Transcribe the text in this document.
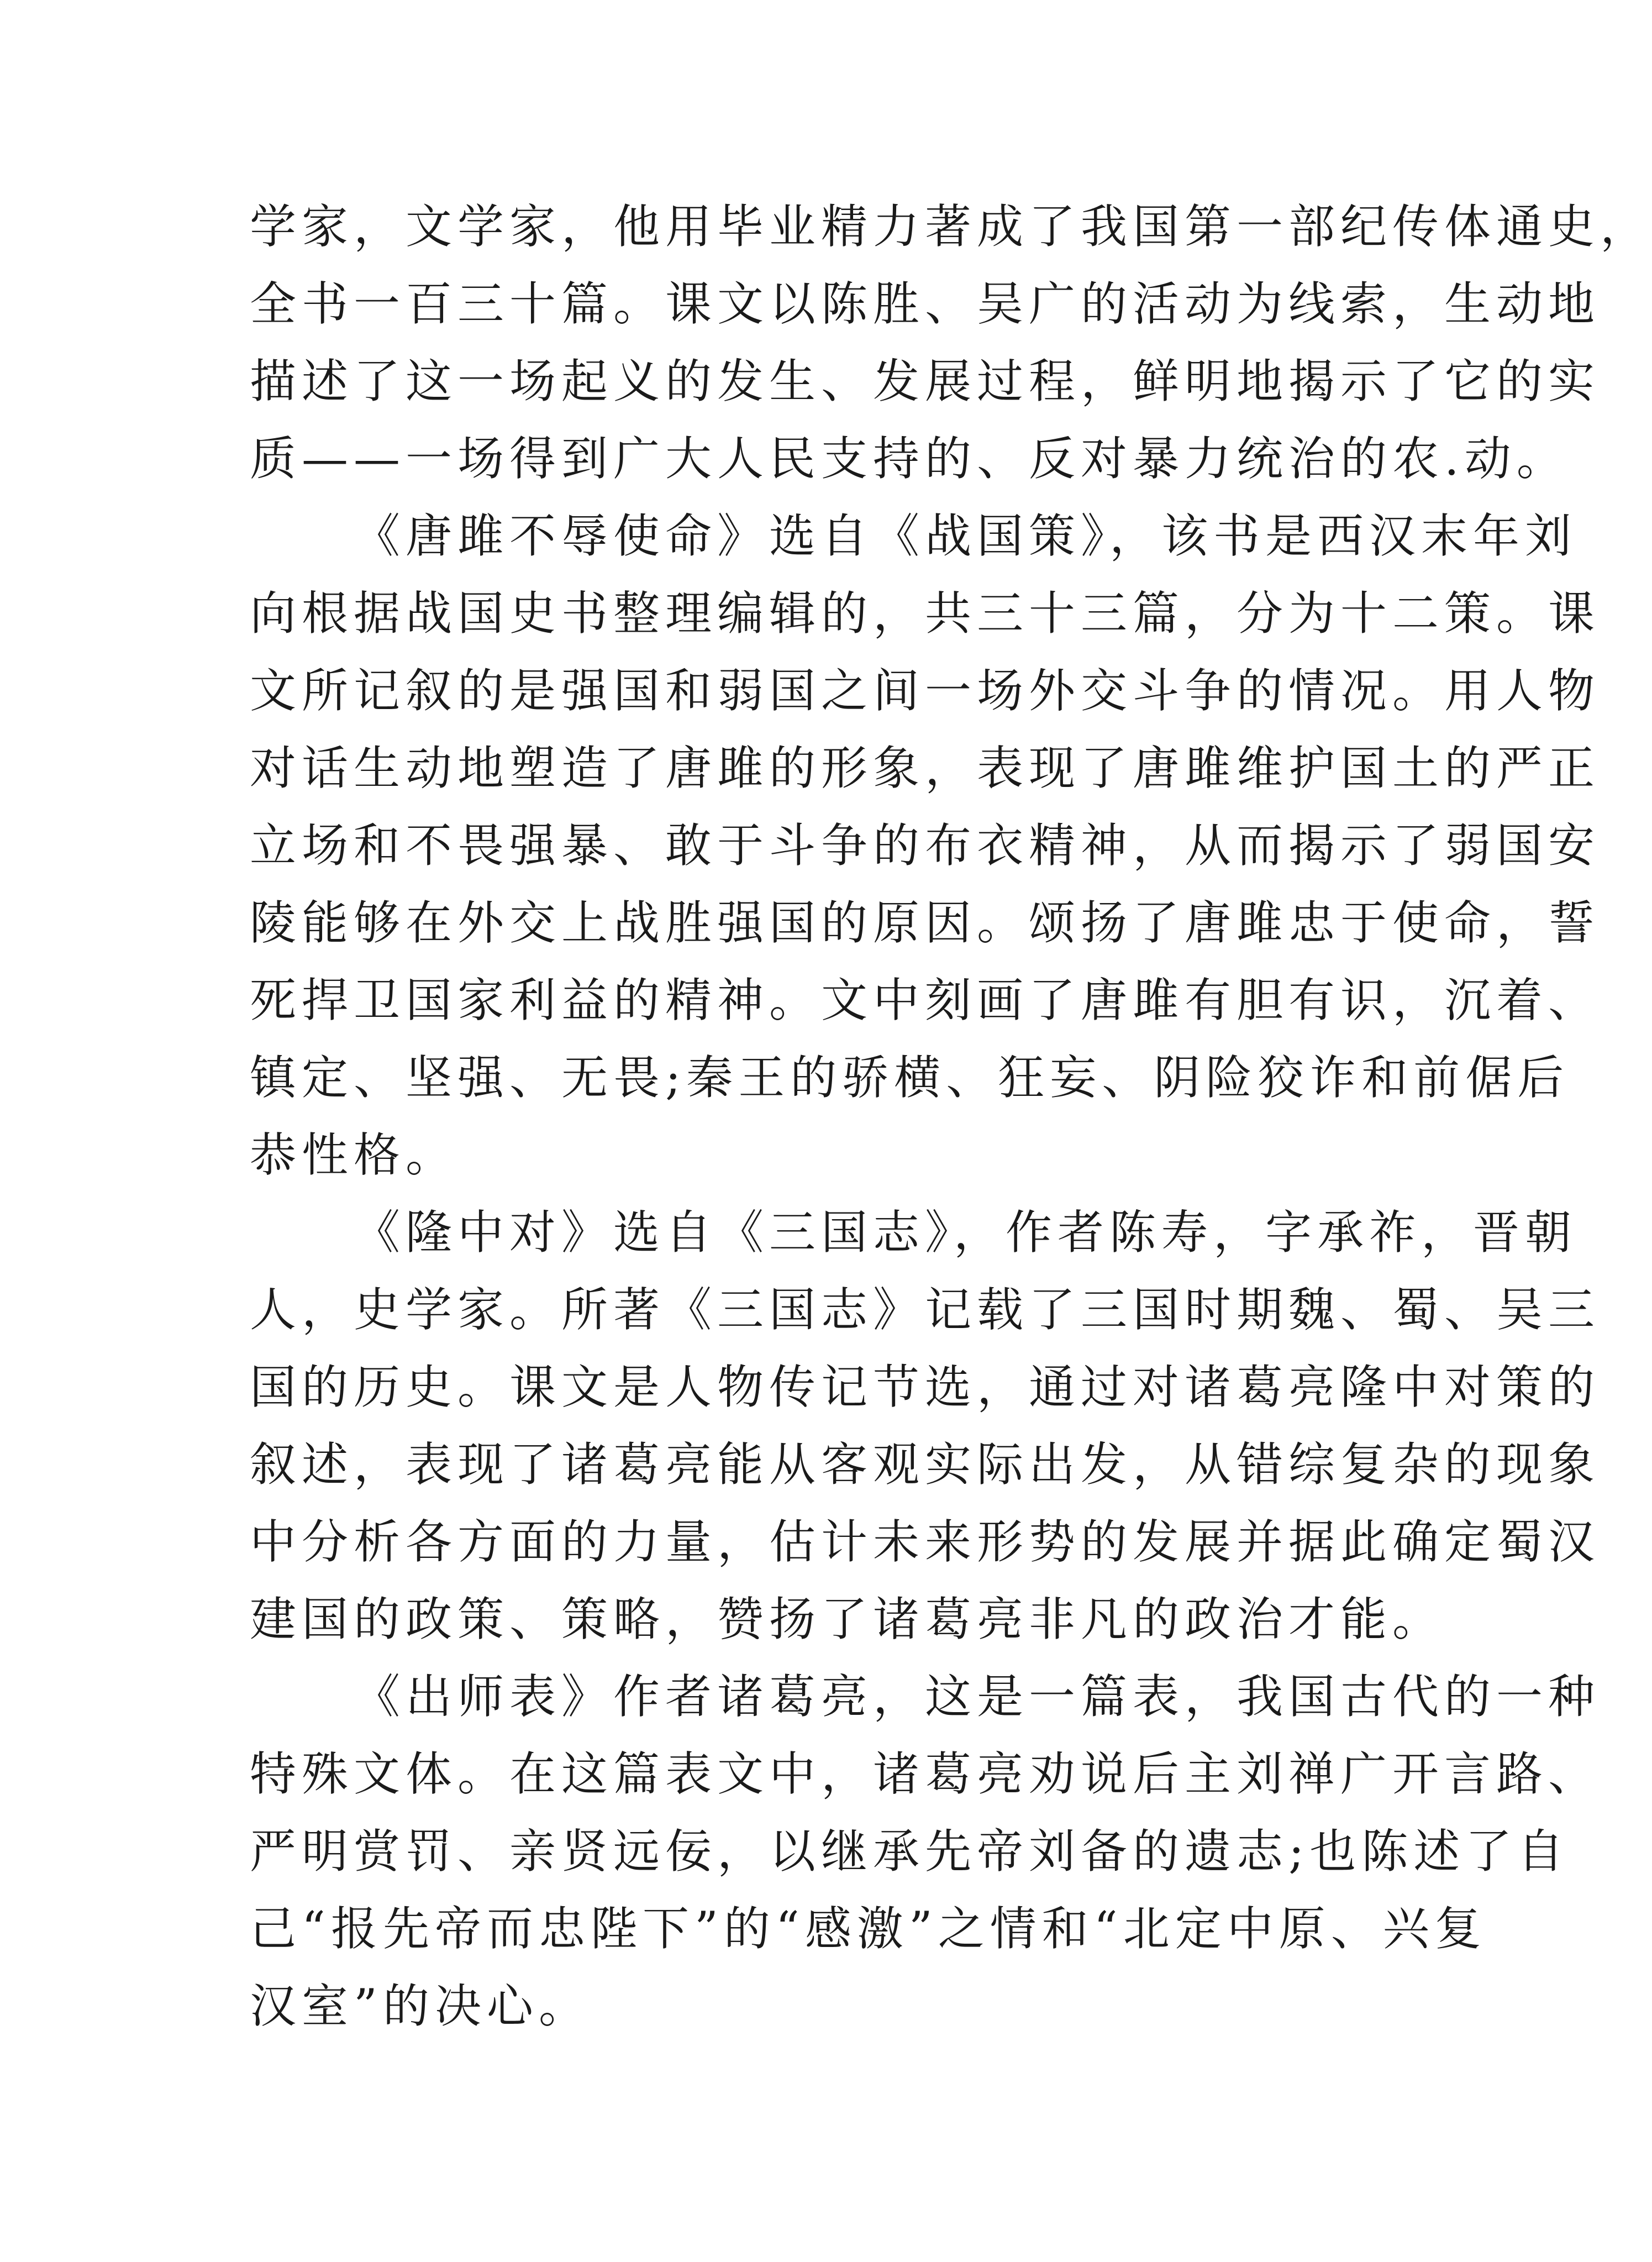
学家，文学家，他用毕业精力著成了我国第一部纪传体通史，
全书一百三十篇。课文以陈胜、吴广的活动为线索，生动地
描述了这一场起义的发生、发展过程，鲜明地揭示了它的实
质——一场得到广大人民支持的、反对暴力统治的农.动。
《唐雎不辱使命》选自《战国策》，该书是西汉末年刘
向根据战国史书整理编辑的，共三十三篇，分为十二策。课
文所记叙的是强国和弱国之间一场外交斗争的情况。用人物
对话生动地塑造了唐雎的形象，表现了唐雎维护国土的严正
立场和不畏强暴、敢于斗争的布衣精神，从而揭示了弱国安
陵能够在外交上战胜强国的原因。颂扬了唐雎忠于使命，誓
死捍卫国家利益的精神。文中刻画了唐雎有胆有识，沉着、
镇定、坚强、无畏;秦王的骄横、狂妄、阴险狡诈和前倨后
恭性格。
《隆中对》选自《三国志》，作者陈寿，字承祚，晋朝
人，史学家。所著《三国志》记载了三国时期魏、蜀、吴三
国的历史。课文是人物传记节选，通过对诸葛亮隆中对策的
叙述，表现了诸葛亮能从客观实际出发，从错综复杂的现象
中分析各方面的力量，估计未来形势的发展并据此确定蜀汉
建国的政策、策略，赞扬了诸葛亮非凡的政治才能。
《出师表》作者诸葛亮，这是一篇表，我国古代的一种
特殊文体。在这篇表文中，诸葛亮劝说后主刘禅广开言路、
严明赏罚、亲贤远佞，以继承先帝刘备的遗志;也陈述了自
己“报先帝而忠陛下”的“感激”之情和“北定中原、兴复
汉室”的决心。
